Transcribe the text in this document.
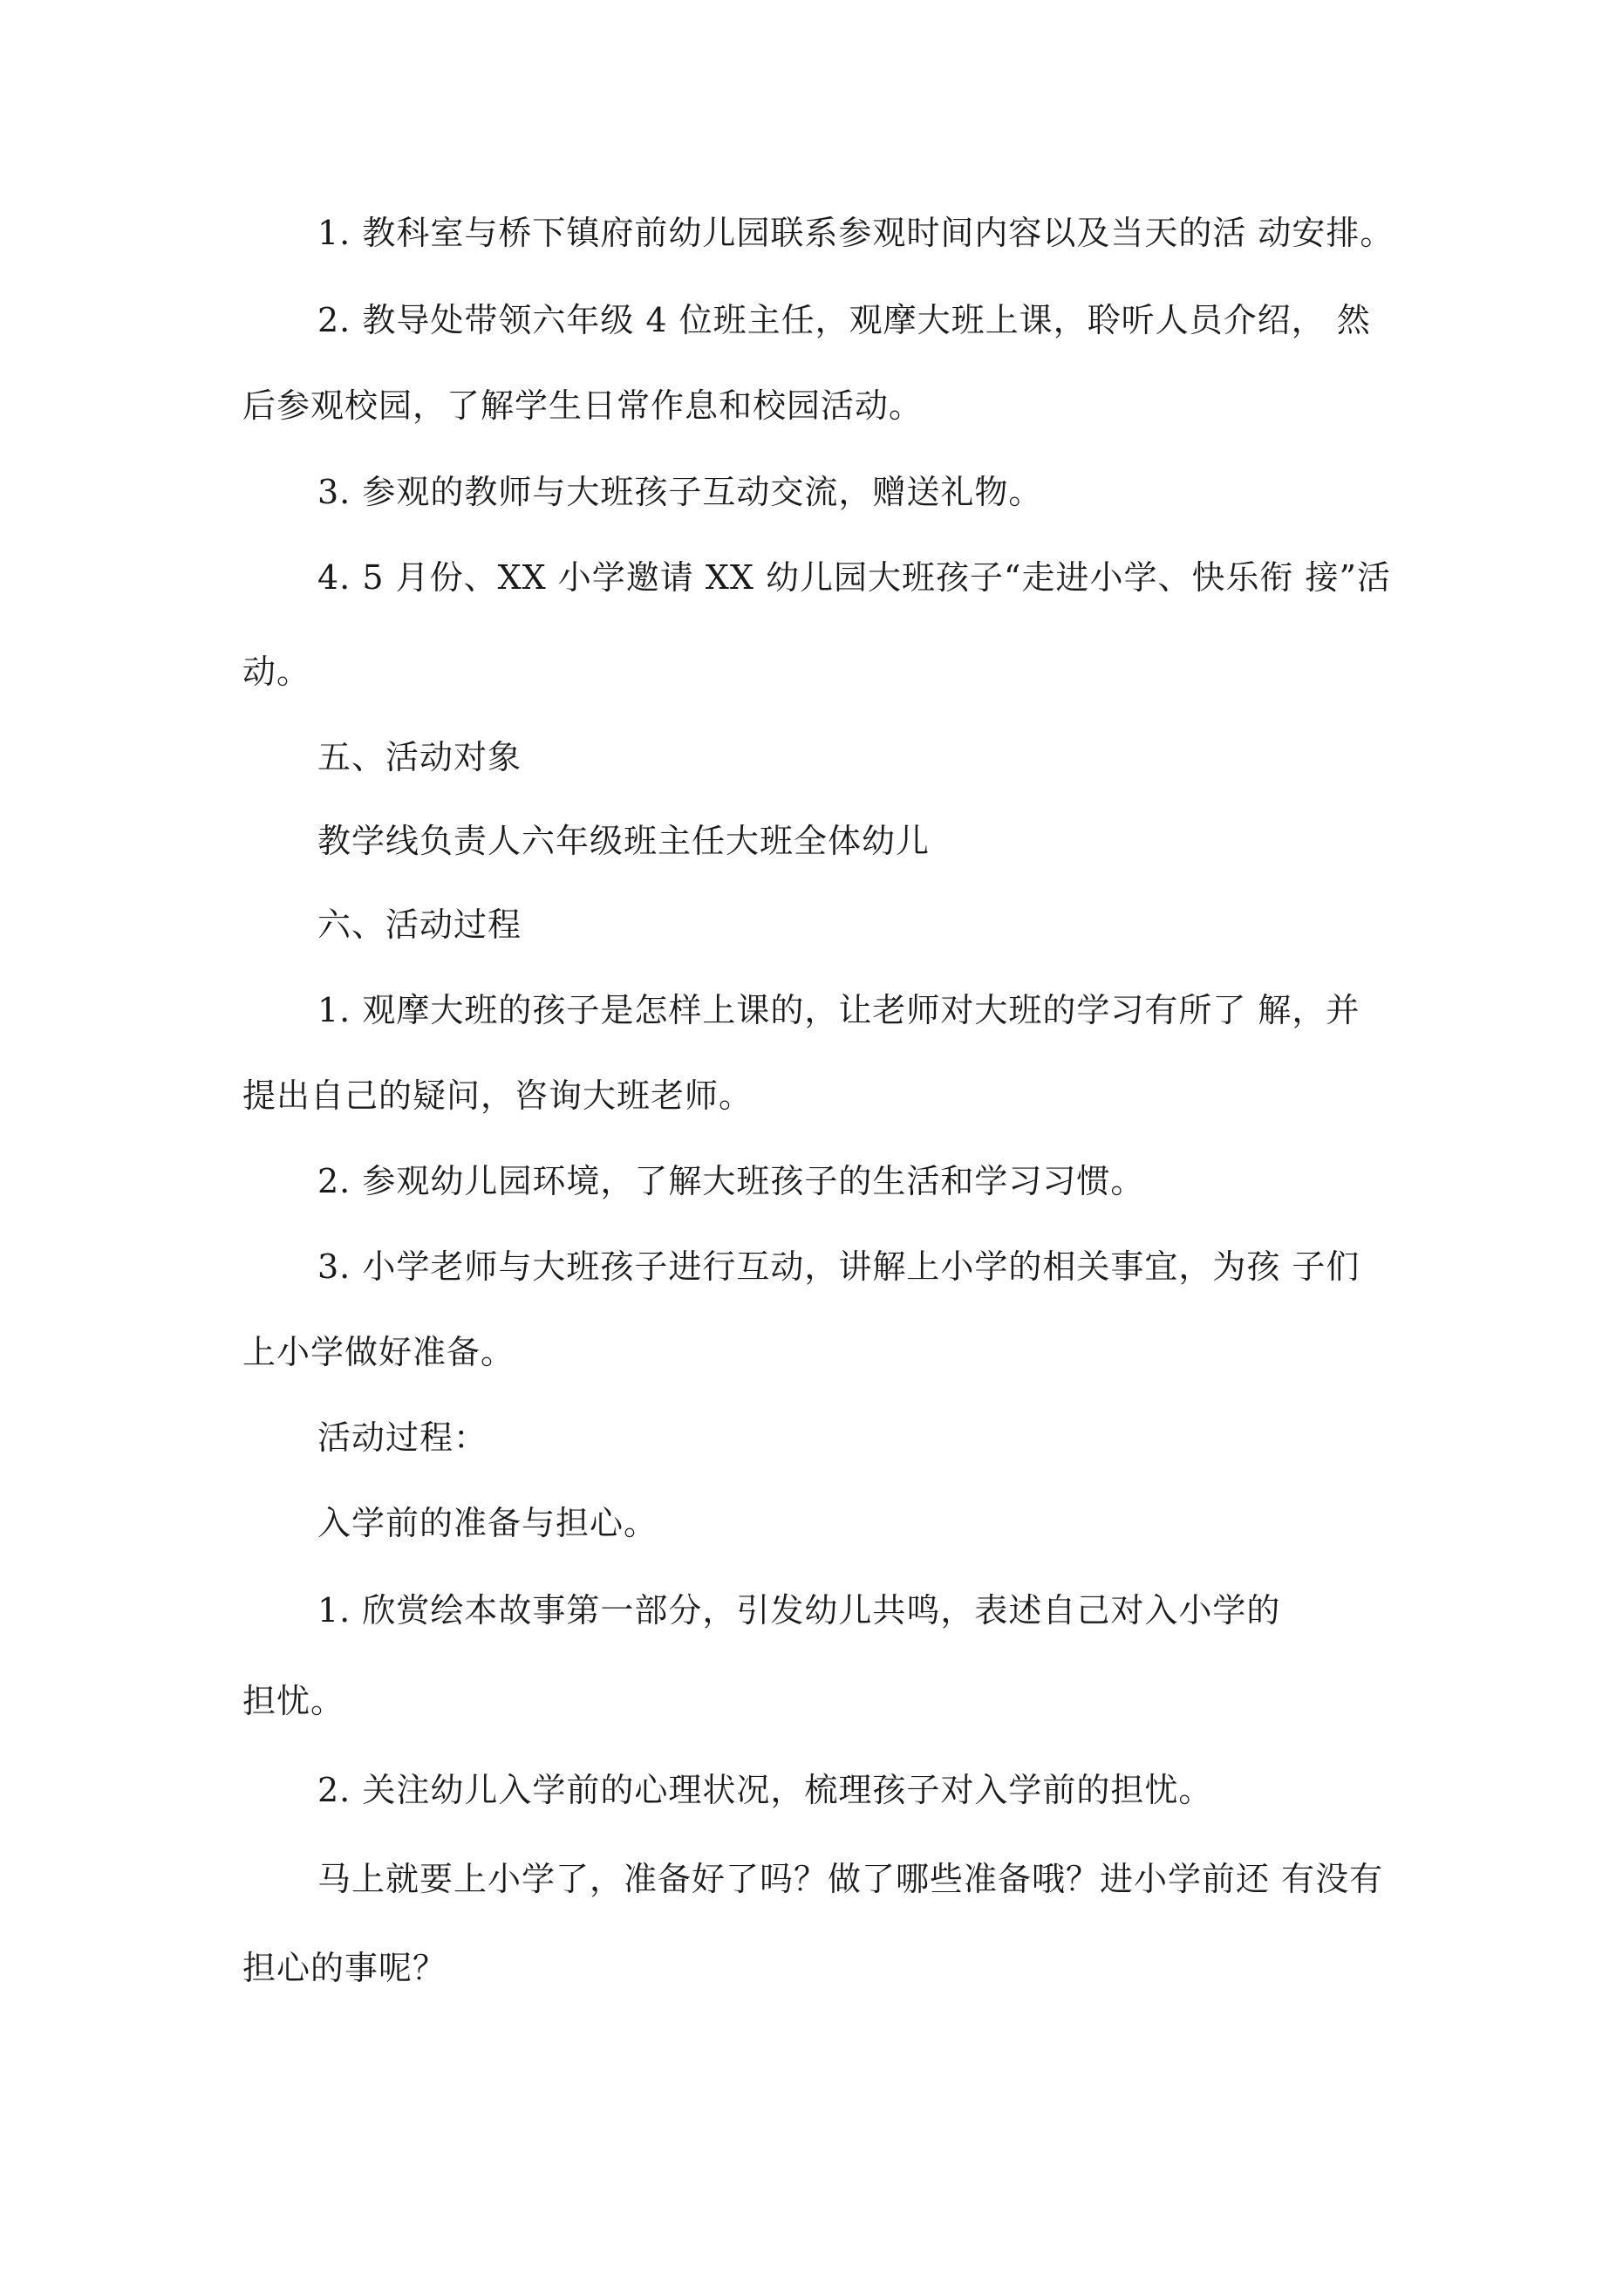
1. 教科室与桥下镇府前幼儿园联系参观时间内容以及当天的活 动安排。
2. 教导处带领六年级 4 位班主任，观摩大班上课，聆听人员介绍， 然
后参观校园，了解学生日常作息和校园活动。
3. 参观的教师与大班孩子互动交流，赠送礼物。
4. 5 月份、XX 小学邀请 XX 幼儿园大班孩子“走进小学、快乐衔 接”活
动。
五、活动对象
教学线负责人六年级班主任大班全体幼儿
六、活动过程
1. 观摩大班的孩子是怎样上课的，让老师对大班的学习有所了 解，并
提出自己的疑问，咨询大班老师。
2. 参观幼儿园环境，了解大班孩子的生活和学习习惯。
3. 小学老师与大班孩子进行互动，讲解上小学的相关事宜，为孩 子们
上小学做好准备。
活动过程：
入学前的准备与担心。
1. 欣赏绘本故事第一部分，引发幼儿共鸣，表述自己对入小学的
担忧。
2. 关注幼儿入学前的心理状况，梳理孩子对入学前的担忧。
马上就要上小学了，准备好了吗？做了哪些准备哦？进小学前还 有没有
担心的事呢？
